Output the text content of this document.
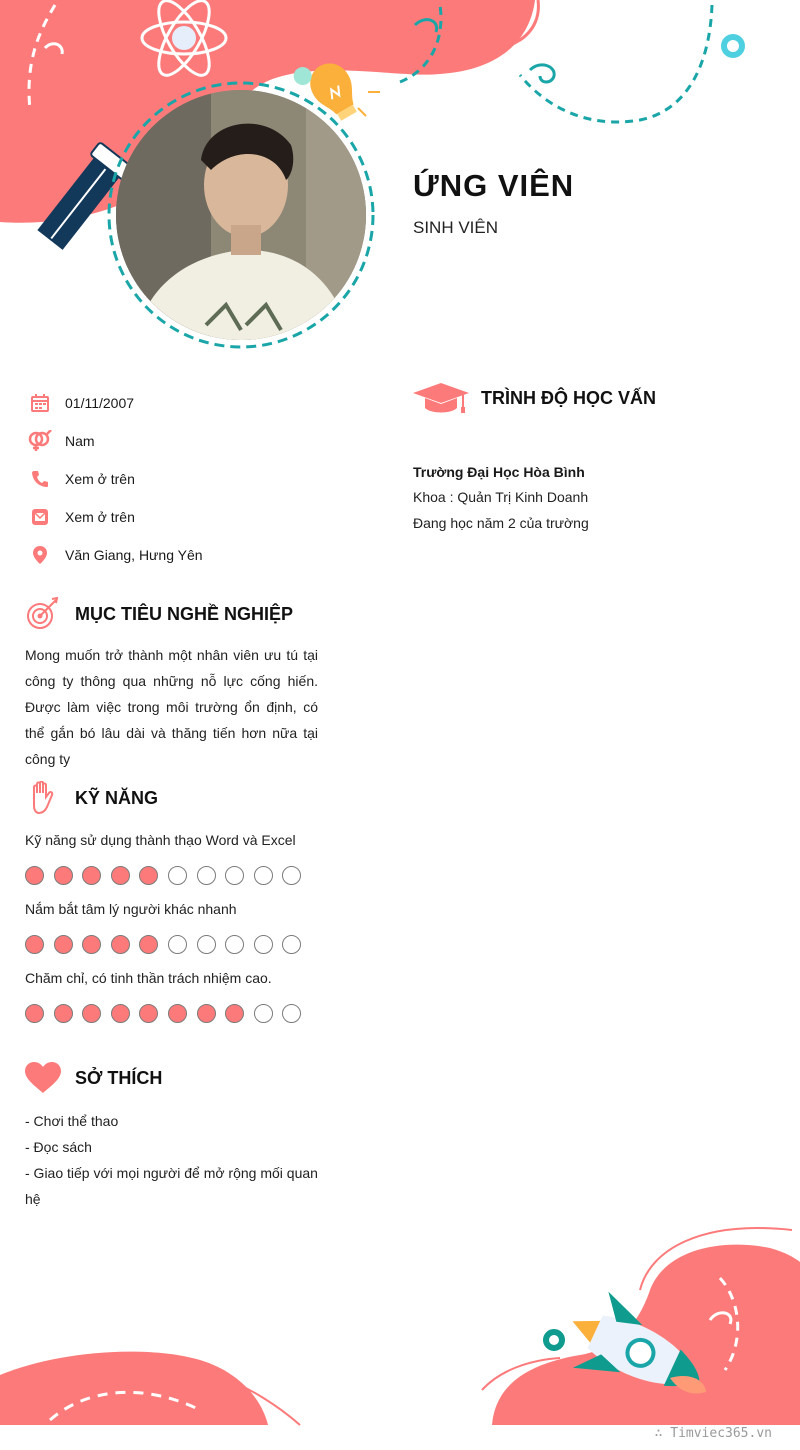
ỨNG VIÊN

SINH VIÊN

01/11/2007
Nam
Xem ở trên
Xem ở trên
Văn Giang, Hưng Yên
MỤC TIÊU NGHỀ NGHIỆP

Mong muốn trở thành một nhân viên ưu tú tại công ty thông qua những nỗ lực cống hiến. Được làm việc trong môi trường ổn định, có thể gắn bó lâu dài và thăng tiến hơn nữa tại công ty

KỸ NĂNG

Kỹ năng sử dụng thành thạo Word và Excel

Nắm bắt tâm lý người khác nhanh

Chăm chỉ, có tinh thần trách nhiệm cao.

SỞ THÍCH

- Chơi thể thao

- Đọc sách

- Giao tiếp với mọi người để mở rộng mối quan hệ

TRÌNH ĐỘ HỌC VẤN

Trường Đại Học Hòa Bình

Khoa : Quản Trị Kinh Doanh

Đang học năm 2 của trường

∴ Timviec365.vn
